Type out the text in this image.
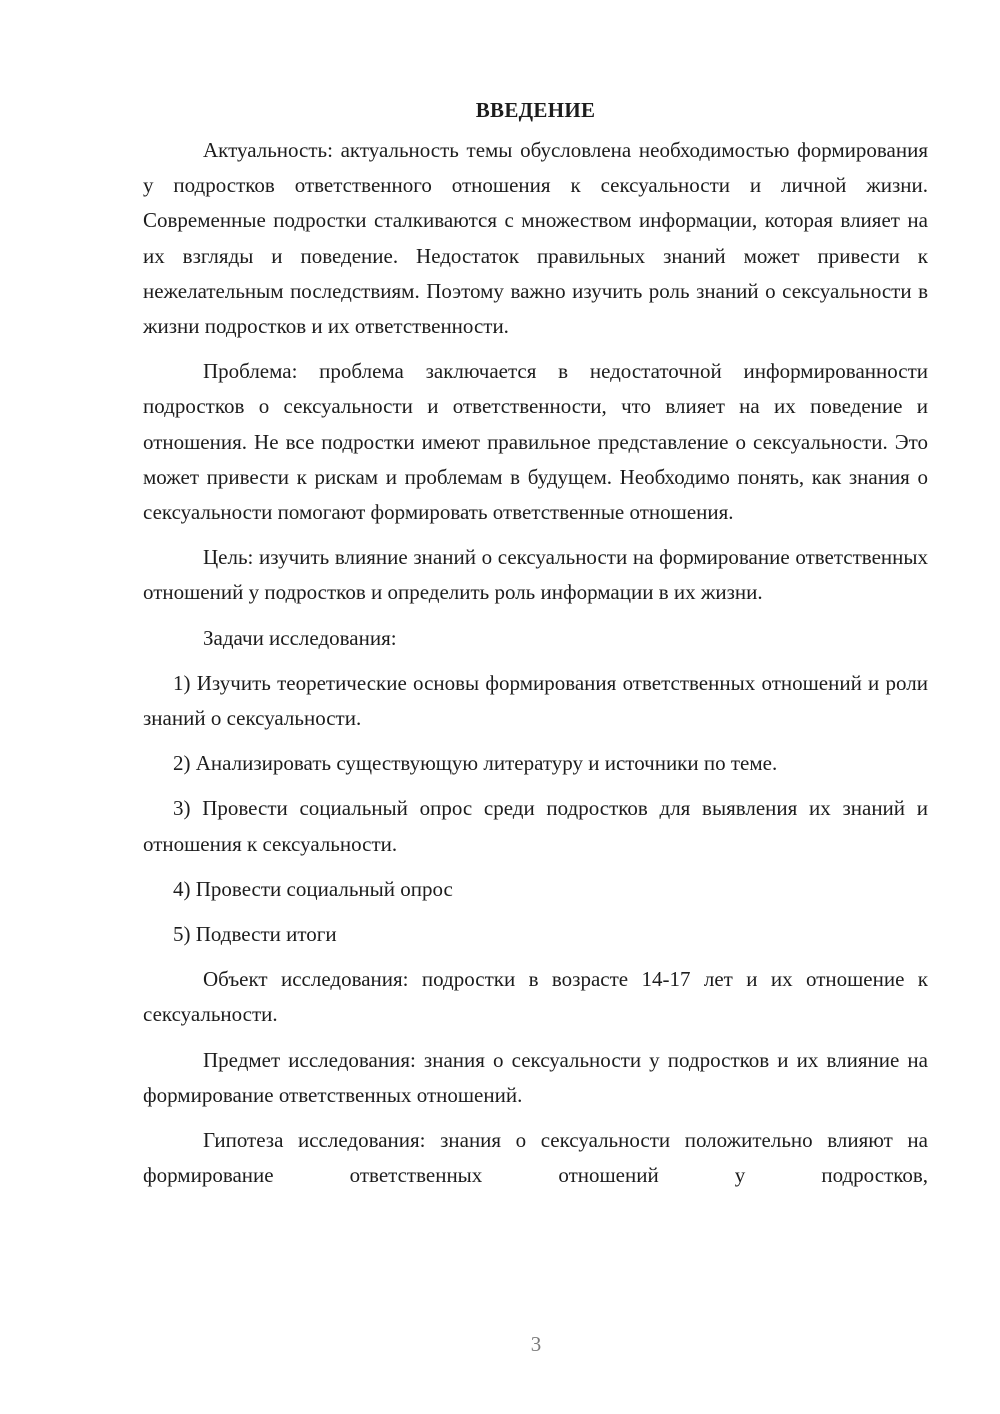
ВВЕДЕНИЕ

Актуальность: актуальность темы обусловлена необходимостью формирования у подростков ответственного отношения к сексуальности и личной жизни. Современные подростки сталкиваются с множеством информации, которая влияет на их взгляды и поведение. Недостаток правильных знаний может привести к нежелательным последствиям. Поэтому важно изучить роль знаний о сексуальности в жизни подростков и их ответственности.

Проблема: проблема заключается в недостаточной информированности подростков о сексуальности и ответственности, что влияет на их поведение и отношения. Не все подростки имеют правильное представление о сексуальности. Это может привести к рискам и проблемам в будущем. Необходимо понять, как знания о сексуальности помогают формировать ответственные отношения.

Цель: изучить влияние знаний о сексуальности на формирование ответственных отношений у подростков и определить роль информации в их жизни.

Задачи исследования:

1) Изучить теоретические основы формирования ответственных отношений и роли знаний о сексуальности.

2) Анализировать существующую литературу и источники по теме.

3) Провести социальный опрос среди подростков для выявления их знаний и отношения к сексуальности.

4) Провести социальный опрос

5) Подвести итоги

Объект исследования: подростки в возрасте 14-17 лет и их отношение к сексуальности.

Предмет исследования: знания о сексуальности у подростков и их влияние на формирование ответственных отношений.

Гипотеза исследования: знания о сексуальности положительно влияют на формирование ответственных отношений у подростков,

3
